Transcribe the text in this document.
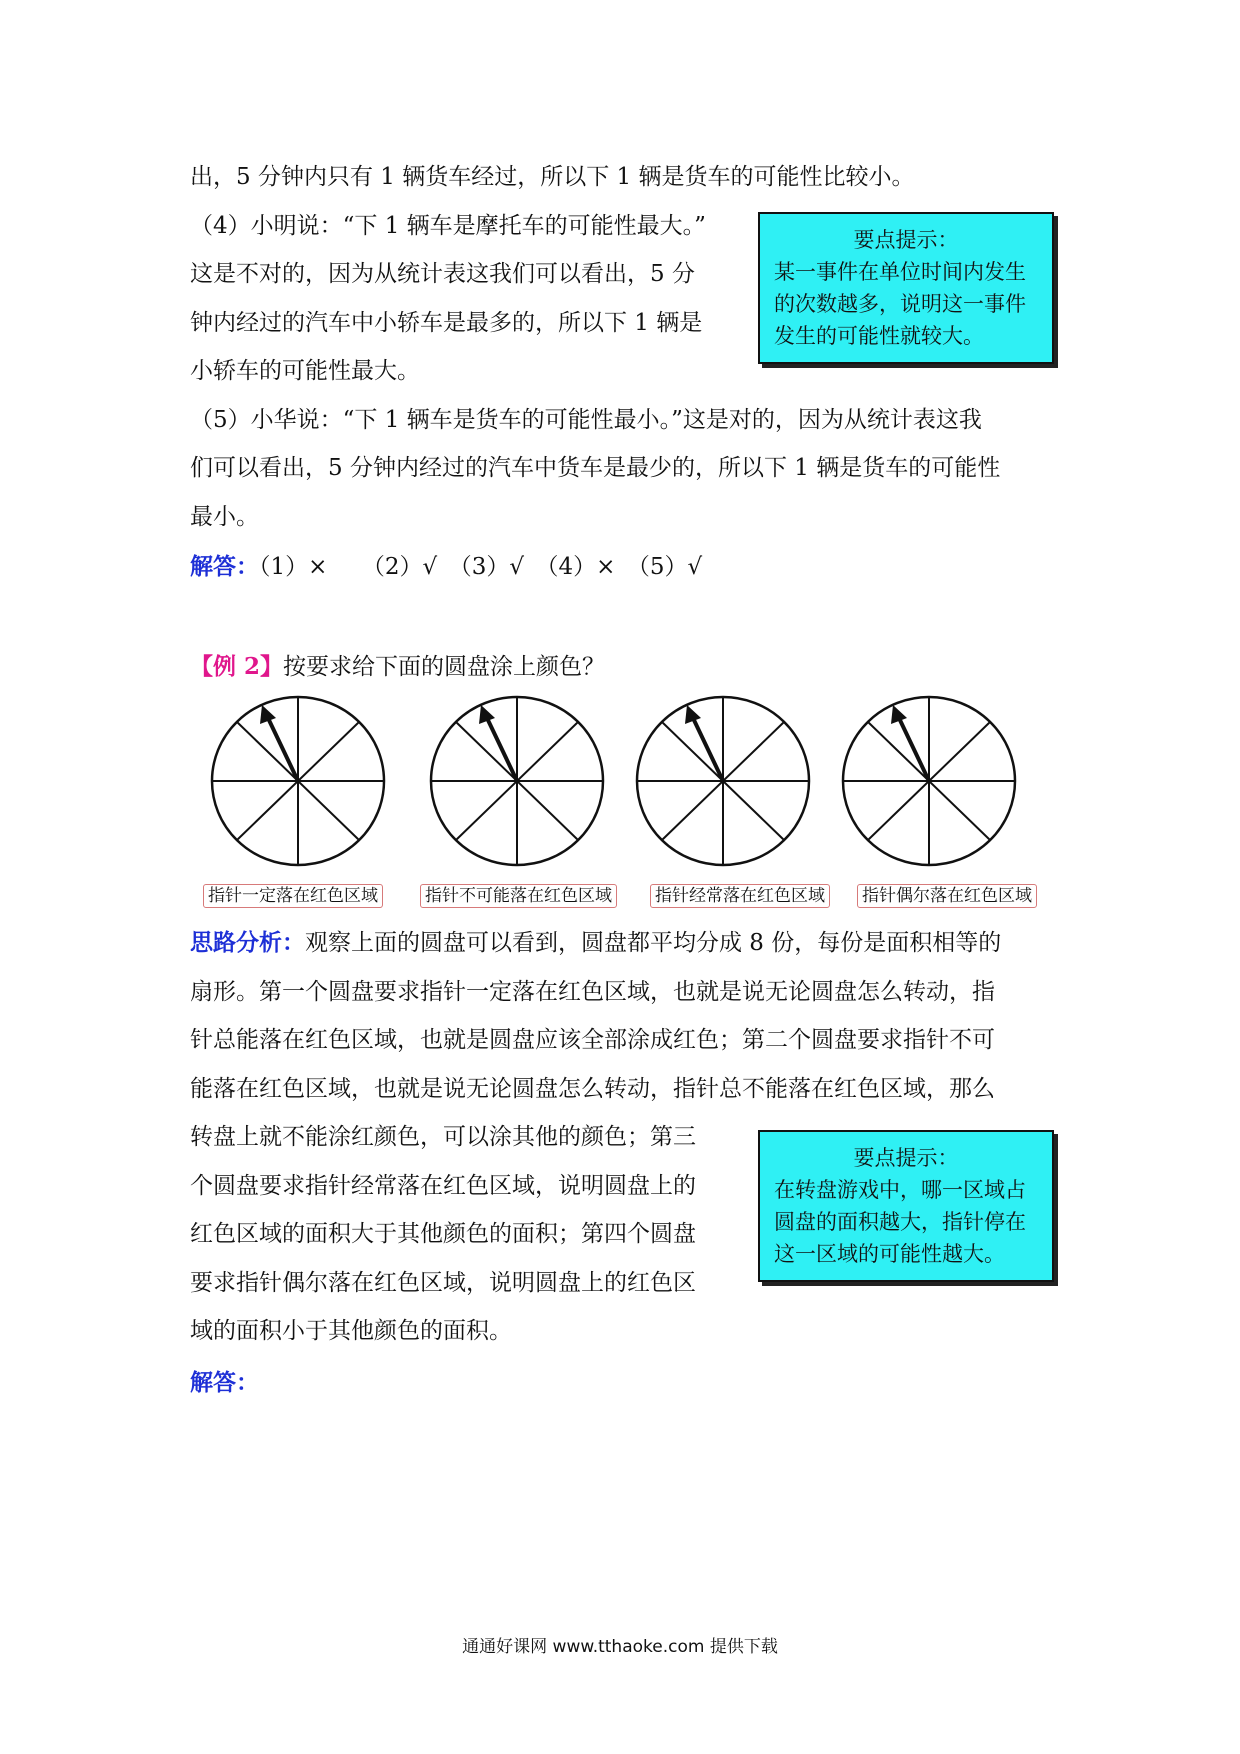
出，5 分钟内只有 1 辆货车经过，所以下 1 辆是货车的可能性比较小。
（4）小明说：“下 1 辆车是摩托车的可能性最大。”
这是不对的，因为从统计表这我们可以看出，5 分
钟内经过的汽车中小轿车是最多的，所以下 1 辆是
小轿车的可能性最大。
（5）小华说：“下 1 辆车是货车的可能性最小。”这是对的，因为从统计表这我
们可以看出，5 分钟内经过的汽车中货车是最少的，所以下 1 辆是货车的可能性
最小。
解答：（1）×　　（2）√　（3）√　（4）×　（5）√
要点提示：
某一事件在单位时间内发生
的次数越多，说明这一事件
发生的可能性就较大。
【例 2】按要求给下面的圆盘涂上颜色？
指针一定落在红色区域	指针不可能落在红色区域	指针经常落在红色区域 指针偶尔落在红色区域
思路分析：观察上面的圆盘可以看到，圆盘都平均分成 8 份，每份是面积相等的
扇形。第一个圆盘要求指针一定落在红色区域，也就是说无论圆盘怎么转动，指
针总能落在红色区域，也就是圆盘应该全部涂成红色；第二个圆盘要求指针不可
能落在红色区域，也就是说无论圆盘怎么转动，指针总不能落在红色区域，那么
转盘上就不能涂红颜色，可以涂其他的颜色；第三
个圆盘要求指针经常落在红色区域，说明圆盘上的
红色区域的面积大于其他颜色的面积；第四个圆盘
要求指针偶尔落在红色区域，说明圆盘上的红色区
域的面积小于其他颜色的面积。
要点提示：
在转盘游戏中，哪一区域占
圆盘的面积越大，指针停在
这一区域的可能性越大。
解答：
通通好课网 www.tthaoke.com 提供下载
